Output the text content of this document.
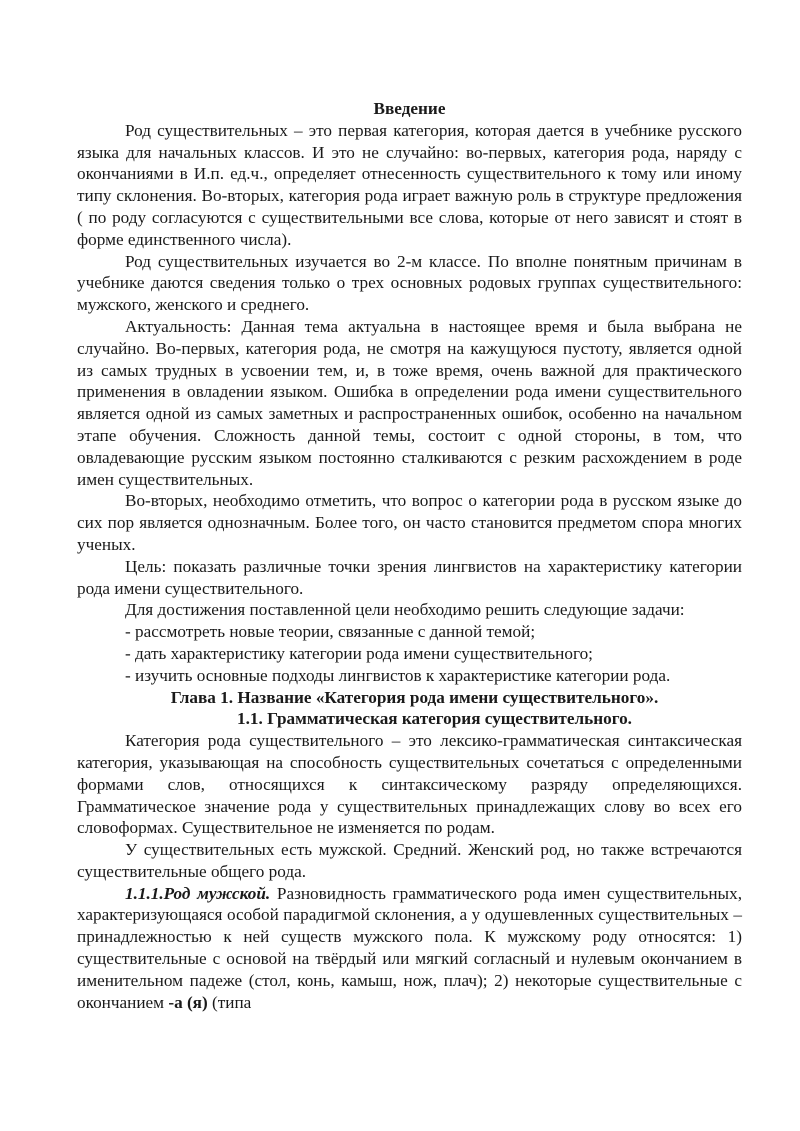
Введение

Род существительных – это первая категория, которая дается в учебнике русского языка для начальных классов. И это не случайно: во-первых, категория рода, наряду с окончаниями в И.п. ед.ч., определяет отнесенность существительного к тому или иному типу склонения. Во-вторых, категория рода играет важную роль в структуре предложения ( по роду согласуются с существительными все слова, которые от него зависят и стоят в форме единственного числа).

Род существительных изучается во 2-м классе. По вполне понятным причинам в учебнике даются сведения только о трех основных родовых группах существительного: мужского, женского и среднего.

Актуальность: Данная тема актуальна в настоящее время и была выбрана не случайно. Во-первых, категория рода, не смотря на кажущуюся пустоту, является одной из самых трудных в усвоении тем, и, в тоже время, очень важной для практического применения в овладении языком. Ошибка в определении рода имени существительного является одной из самых заметных и распространенных ошибок, особенно на начальном этапе обучения. Сложность данной темы, состоит с одной стороны, в том, что овладевающие русским языком постоянно сталкиваются с резким расхождением в роде имен существительных.

Во-вторых, необходимо отметить, что вопрос о категории рода в русском языке до сих пор является однозначным. Более того, он часто становится предметом спора многих ученых.

Цель: показать различные точки зрения лингвистов на характеристику категории рода имени существительного.

Для достижения поставленной цели необходимо решить следующие задачи:

- рассмотреть новые теории, связанные с данной темой;

- дать характеристику категории рода имени существительного;

- изучить основные подходы лингвистов к характеристике категории рода.

Глава 1. Название «Категория рода имени существительного».

1.1. Грамматическая категория существительного.

Категория рода существительного – это лексико-грамматическая синтаксическая категория, указывающая на способность существительных сочетаться с определенными формами слов, относящихся к синтаксическому разряду определяющихся. Грамматическое значение рода у существительных принадлежащих слову во всех его словоформах. Существительное не изменяется по родам.

У существительных есть мужской. Средний. Женский род, но также встречаются существительные общего рода.

1.1.1.Род мужской. Разновидность грамматического рода имен существительных, характеризующаяся особой парадигмой склонения, а у одушевленных существительных – принадлежностью к ней существ мужского пола. К мужскому роду относятся: 1) существительные с основой на твёрдый или мягкий согласный и нулевым окончанием в именительном падеже (стол, конь, камыш, нож, плач); 2) некоторые существительные с окончанием -а (я) (типа
